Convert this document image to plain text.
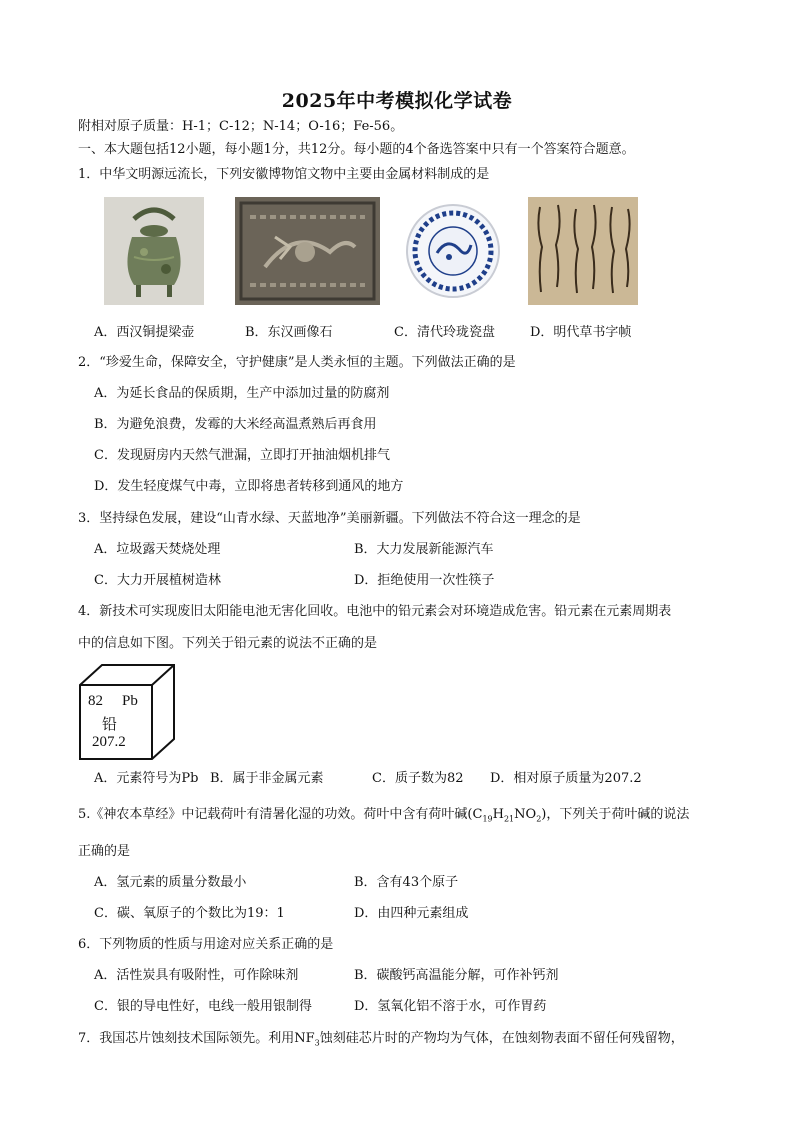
2025年中考模拟化学试卷
附相对原子质量：H-1；C-12；N-14；O-16；Fe-56。
一、本大题包括12小题，每小题1分，共12分。每小题的4个备选答案中只有一个答案符合题意。
1．中华文明源远流长，下列安徽博物馆文物中主要由金属材料制成的是
A．西汉铜提梁壶	B．东汉画像石	C．清代玲珑瓷盘	D．明代草书字帧
2．“珍爱生命，保障安全，守护健康”是人类永恒的主题。下列做法正确的是
A．为延长食品的保质期，生产中添加过量的防腐剂
B．为避免浪费，发霉的大米经高温煮熟后再食用
C．发现厨房内天然气泄漏，立即打开抽油烟机排气
D．发生轻度煤气中毒，立即将患者转移到通风的地方
3．坚持绿色发展，建设“山青水绿、天蓝地净”美丽新疆。下列做法不符合这一理念的是
A．垃圾露天焚烧处理	B．大力发展新能源汽车
C．大力开展植树造林	D．拒绝使用一次性筷子
4．新技术可实现废旧太阳能电池无害化回收。电池中的铅元素会对环境造成危害。铅元素在元素周期表
中的信息如下图。下列关于铅元素的说法不正确的是
82 Pb
铅
207.2
A．元素符号为Pb B．属于非金属元素	C．质子数为82	D．相对原子质量为207.2
5.《神农本草经》中记载荷叶有清暑化湿的功效。荷叶中含有荷叶碱$(C_{19}H_{21}NO_2)$，下列关于荷叶碱的说法
正确的是
A．氢元素的质量分数最小	B．含有43个原子
C．碳、氧原子的个数比为19：1	D．由四种元素组成
6．下列物质的性质与用途对应关系正确的是
A．活性炭具有吸附性，可作除味剂	B．碳酸钙高温能分解，可作补钙剂
C．银的导电性好，电线一般用银制得	D．氢氧化铝不溶于水，可作胃药
7．我国芯片蚀刻技术国际领先。利用$NF_3$蚀刻硅芯片时的产物均为气体，在蚀刻物表面不留任何残留物，
